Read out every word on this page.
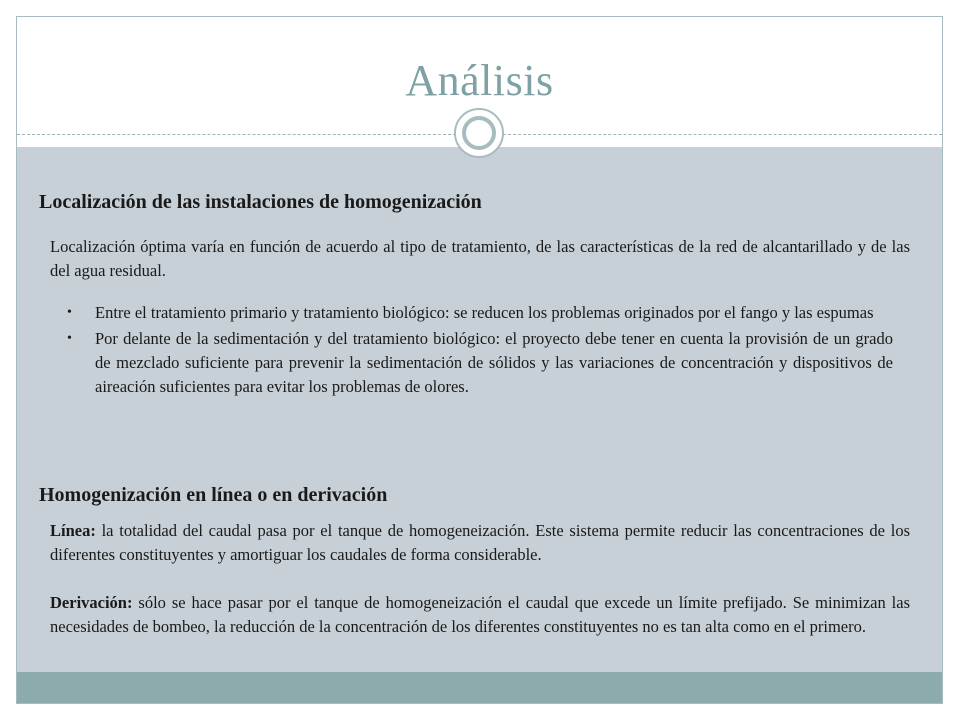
Análisis
Localización de las instalaciones de homogenización
Localización óptima varía en función de acuerdo al tipo de tratamiento, de las características de la red de alcantarillado y de las del agua residual.
• Entre el tratamiento primario y tratamiento biológico: se reducen los problemas originados por el fango y las espumas
• Por delante de la sedimentación y del tratamiento biológico: el proyecto debe tener en cuenta la provisión de un grado de mezclado suficiente para prevenir la sedimentación de sólidos y las variaciones de concentración y dispositivos de aireación suficientes para evitar los problemas de olores.
Homogenización en línea o en derivación
Línea: la totalidad del caudal pasa por el tanque de homogeneización. Este sistema permite reducir las concentraciones de los diferentes constituyentes y amortiguar los caudales de forma considerable.
Derivación: sólo se hace pasar por el tanque de homogeneización el caudal que excede un límite prefijado. Se minimizan las necesidades de bombeo, la reducción de la concentración de los diferentes constituyentes no es tan alta como en el primero.
